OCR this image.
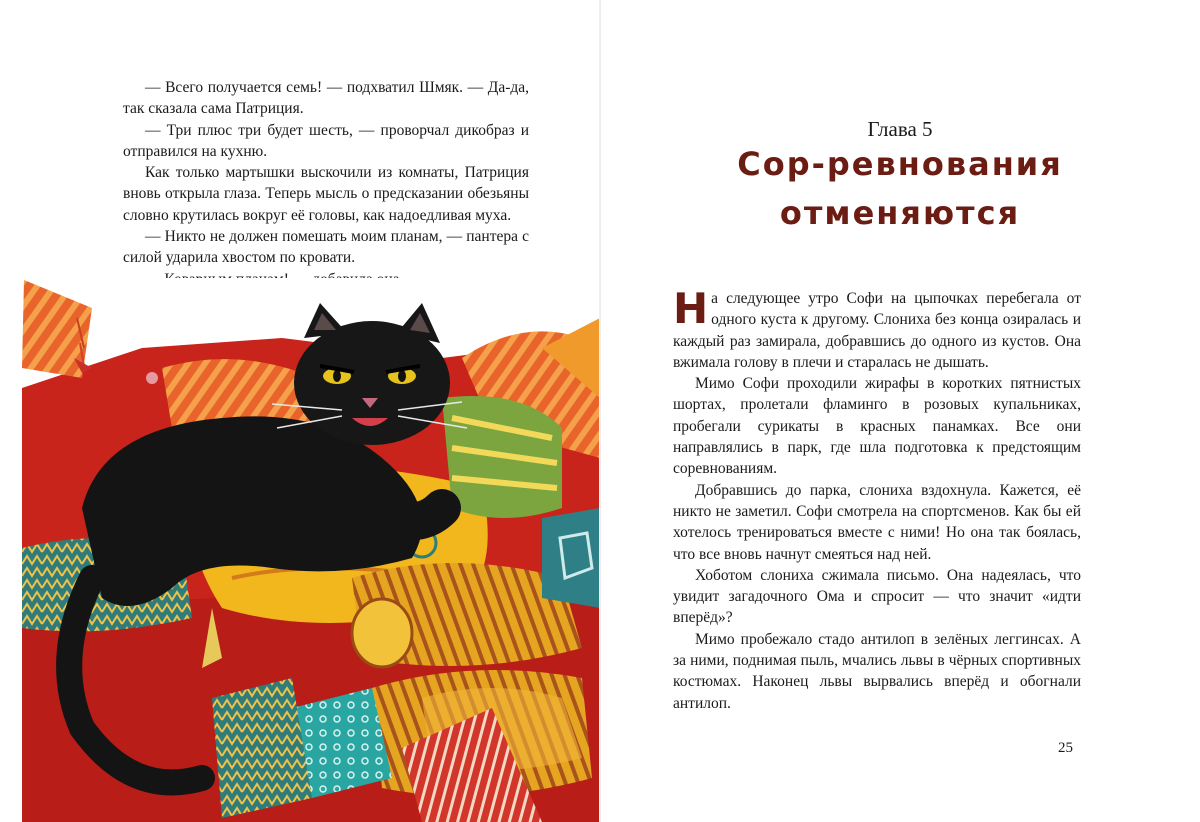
— Всего получается семь! — подхватил Шмяк. — Да-да, так сказала сама Патриция.

— Три плюс три будет шесть, — проворчал дикобраз и отправился на кухню.

Как только мартышки выскочили из комнаты, Патриция вновь открыла глаза. Теперь мысль о предсказании обезьяны словно крутилась вокруг её головы, как надоедливая муха.

— Никто не должен помешать моим планам, — пантера с силой ударила хвостом по кровати.

Глава 5
Сор-ревнования
отменяются

На следующее утро Софи на цыпочках перебегала от одного куста к другому. Слониха без конца озиралась и каждый раз замирала, добравшись до одного из кустов. Она вжимала голову в плечи и старалась не дышать.

Мимо Софи проходили жирафы в коротких пятнистых шортах, пролетали фламинго в розовых купальниках, пробегали сурикаты в красных панамках. Все они направлялись в парк, где шла подготовка к предстоящим соревнованиям.

Добравшись до парка, слониха вздохнула. Кажется, её никто не заметил. Софи смотрела на спортсменов. Как бы ей хотелось тренироваться вместе с ними! Но она так боялась, что все вновь начнут смеяться над ней.

Хоботом слониха сжимала письмо. Она надеялась, что увидит загадочного Ома и спросит — что значит «идти вперёд»?

Мимо пробежало стадо антилоп в зелёных леггинсах. А за ними, поднимая пыль, мчались львы в чёрных спортивных костюмах. Наконец львы вырвались вперёд и обогнали антилоп.

25
